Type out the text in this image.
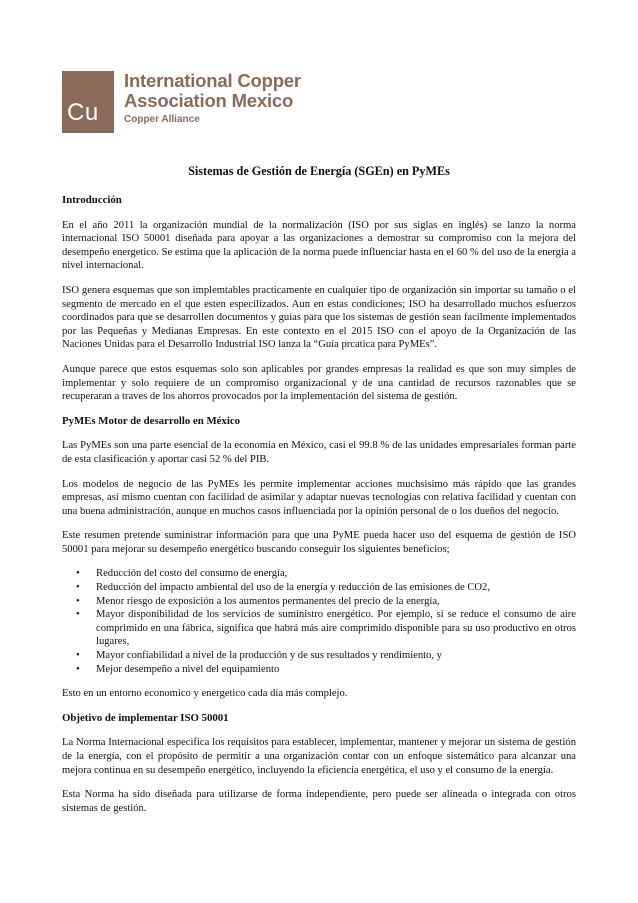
Cu
International Copper
Association Mexico
Copper Alliance
Sistemas de Gestión de Energía (SGEn) en PyMEs
Introducción

En el año 2011 la organización mundial de la normalización (ISO por sus siglas en inglés) se lanzo la norma internacional ISO 50001 diseñada para apoyar a las organizaciones a demostrar su compromiso con la mejora del desempeño energetico. Se estima que la aplicación de la norma puede influenciar hasta en el 60 % del uso de la energía a nivel internacional.

ISO genera esquemas que son implemtables practicamente en cualquier tipo de organización sin importar su tamaño o el segmento de mercado en el que esten especilizados. Aun en estas condiciones; ISO ha desarrollado muchos esfuerzos coordinados para que se desarrollen documentos y guías para que los sistemas de gestión sean facilmente implementados por las Pequeñas y Medianas Empresas. En este contexto en el 2015 ISO con el apoyo de la Organización de las Naciones Unidas para el Desarrollo Industrial ISO lanza la “Guía prcatica para PyMEs”.

Aunque parece que estos esquemas solo son aplicables por grandes empresas la realidad es que son muy simples de implementar y solo requiere de un compromiso organizacional y de una cantidad de recursos razonables que se recuperaran a traves de los ahorros provocados por la implementación del sistema de gestión.

PyMEs Motor de desarrollo en México

Las PyMEs son una parte esencial de la economía en México, casi el 99.8 % de las unidades empresariales forman parte de esta clasificación y aportar casi 52 % del PIB.

Los modelos de negocio de las PyMEs les permite implementar acciones muchsisimo más rápido que las grandes empresas, así mismo cuentan con facilidad de asimilar y adaptar nuevas tecnologías con relativa facilidad y cuentan con una buena administración, aunque en muchos casos influenciada por la opinión personal de o los dueños del negocio.

Este resumen pretende suministrar información para que una PyME pueda hacer uso del esquema de gestión de ISO 50001 para mejorar su desempeño energético buscando conseguir los siguientes beneficios;

• Reducción del costo del consumo de energía,
• Reducción del impacto ambiental del uso de la energía y reducción de las emisiones de CO2,
• Menor riesgo de exposición a los aumentos permanentes del precio de la energía,
• Mayor disponibilidad de los servicios de suministro energético. Por ejemplo, si se reduce el consumo de aire comprimido en una fábrica, significa que habrá más aire comprimido disponible para su uso productivo en otros lugares,
• Mayor confiabilidad a nivel de la producción y de sus resultados y rendimiento, y
• Mejor desempeño a nivel del equipamiento

Esto en un entorno economico y energetico cada día más complejo.

Objetivo de implementar ISO 50001

La Norma Internacional especifica los requisitos para establecer, implementar, mantener y mejorar un sistema de gestión de la energía, con el propósito de permitir a una organización contar con un enfoque sistemático para alcanzar una mejora continua en su desempeño energético, incluyendo la eficiencia energética, el uso y el consumo de la energía.

Esta Norma ha sido diseñada para utilizarse de forma independiente, pero puede ser alineada o integrada con otros sistemas de gestión.
